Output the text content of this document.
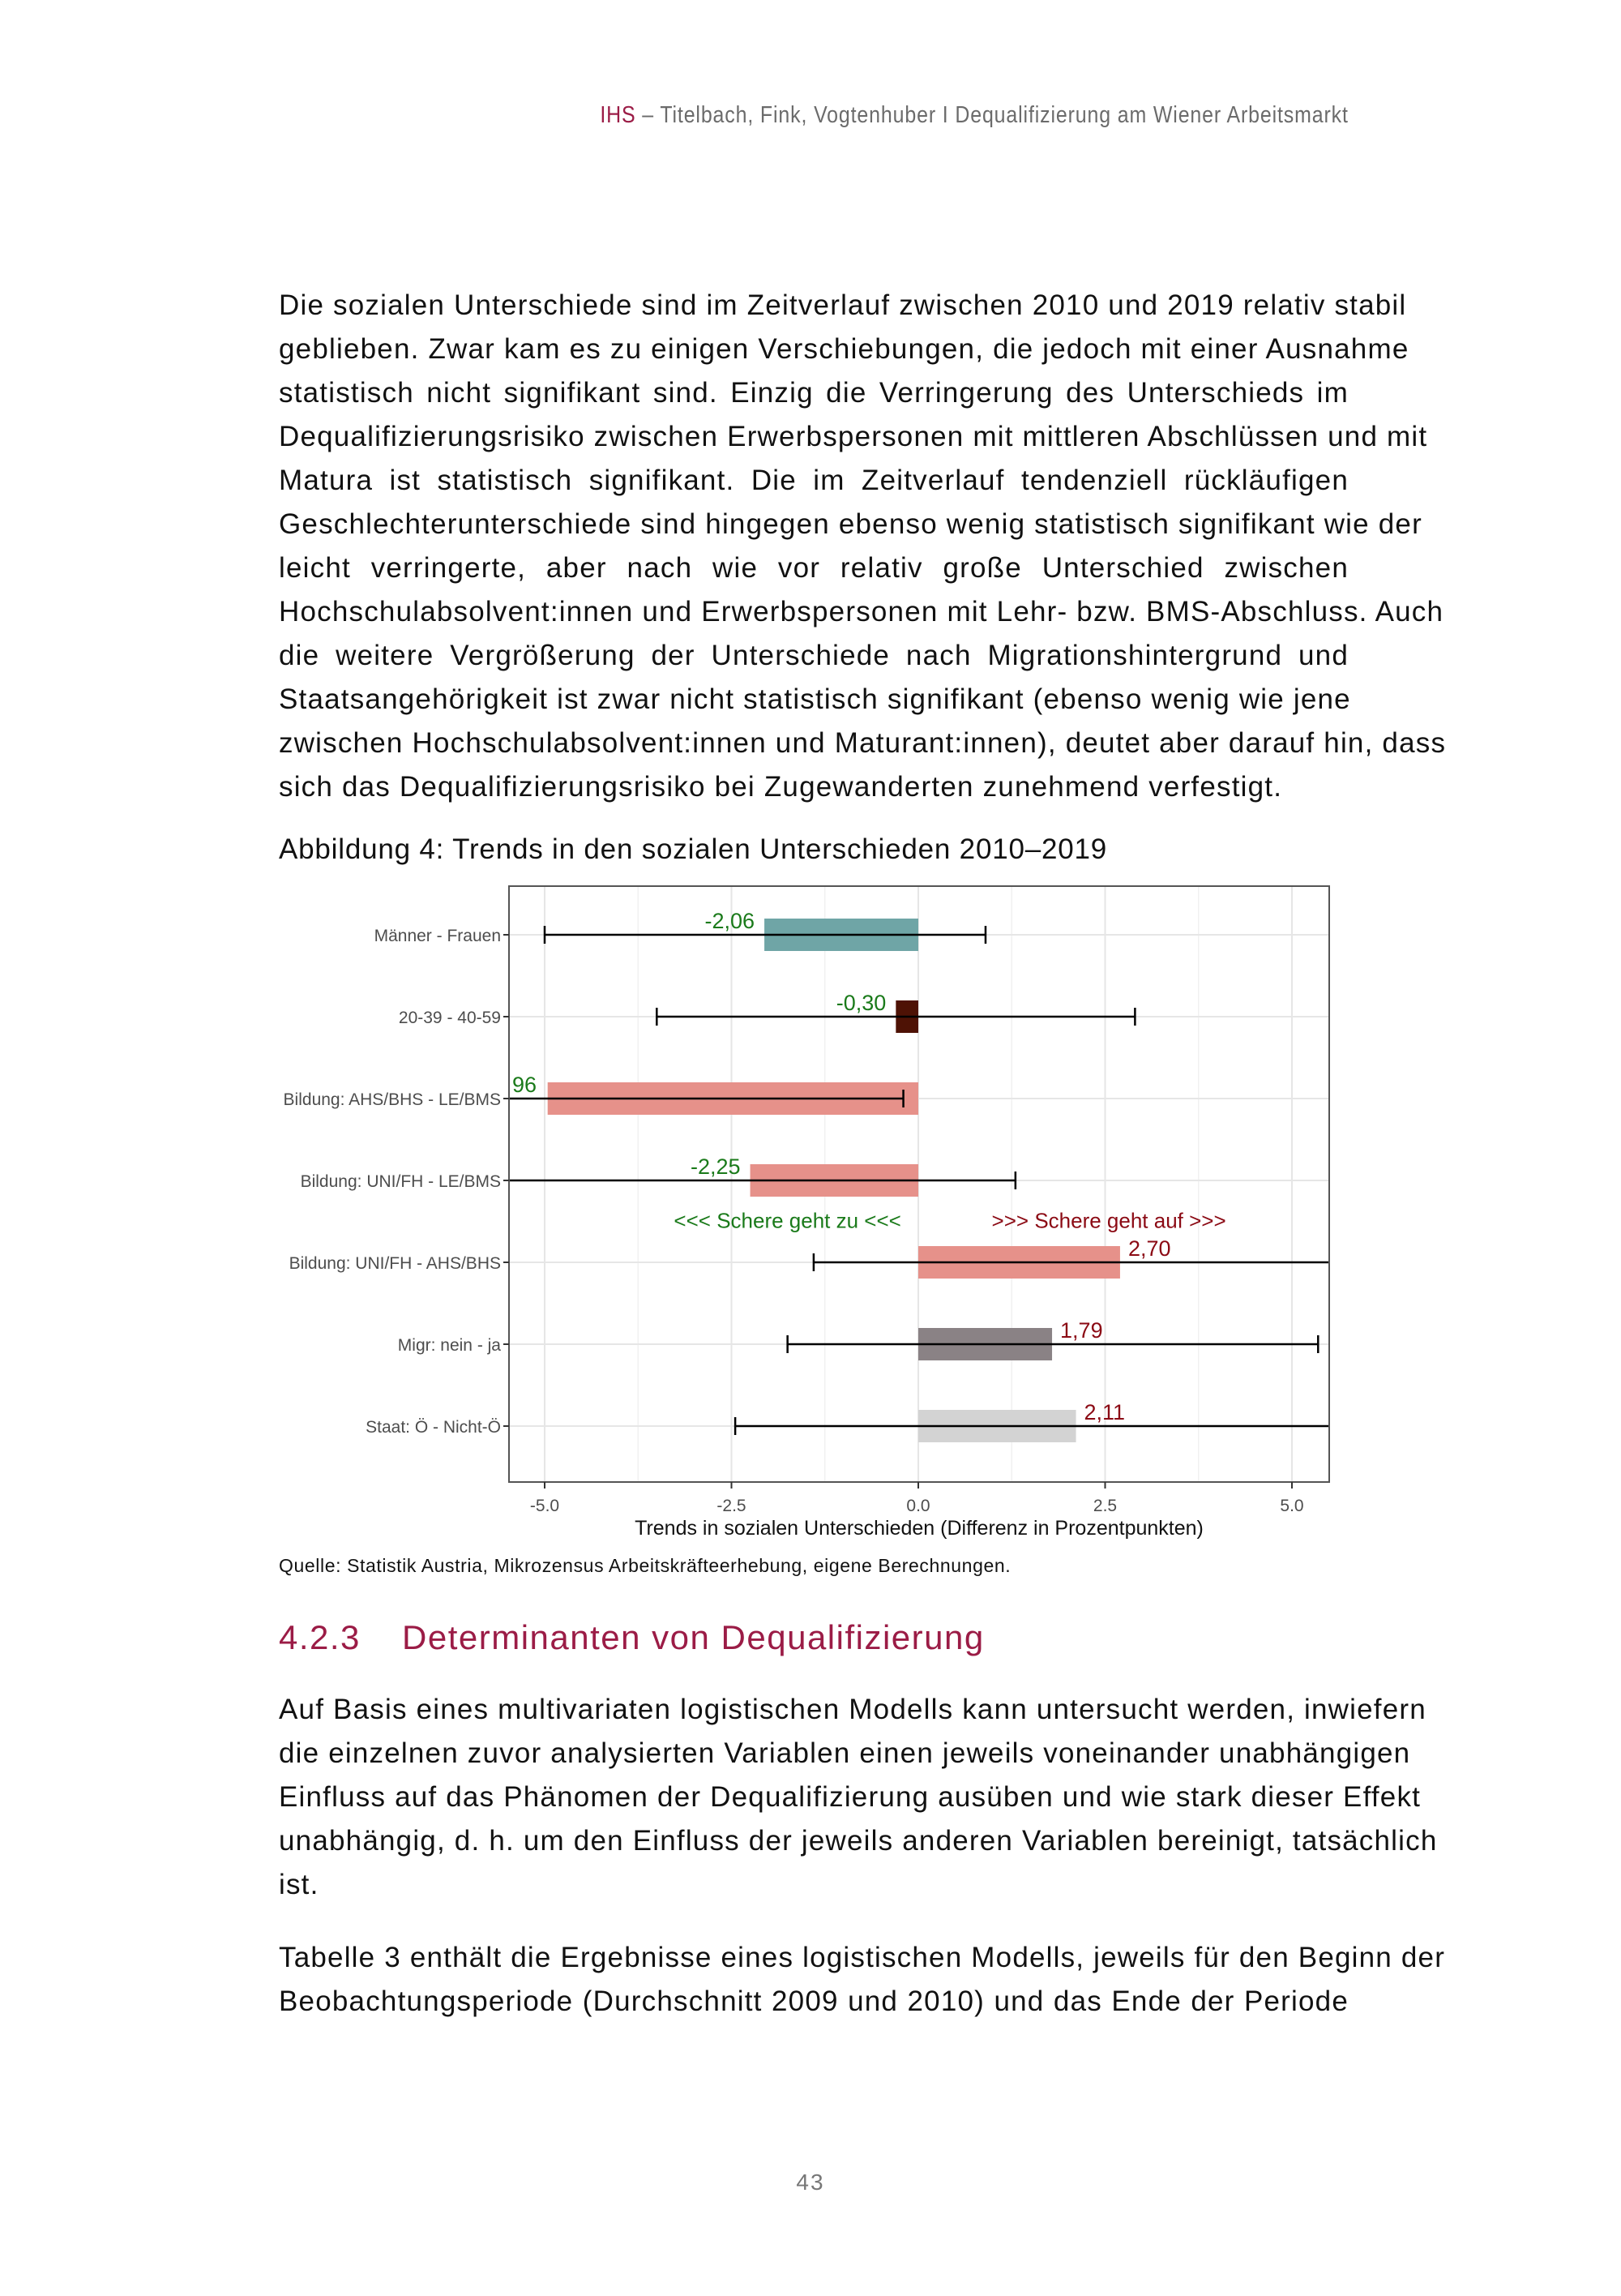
IHS – Titelbach, Fink, Vogtenhuber I Dequalifizierung am Wiener Arbeitsmarkt
Die sozialen Unterschiede sind im Zeitverlauf zwischen 2010 und 2019 relativ stabil
geblieben. Zwar kam es zu einigen Verschiebungen, die jedoch mit einer Ausnahme
statistisch nicht signifikant sind. Einzig die Verringerung des Unterschieds im
Dequalifizierungsrisiko zwischen Erwerbspersonen mit mittleren Abschlüssen und mit
Matura ist statistisch signifikant. Die im Zeitverlauf tendenziell rückläufigen
Geschlechterunterschiede sind hingegen ebenso wenig statistisch signifikant wie der
leicht verringerte, aber nach wie vor relativ große Unterschied zwischen
Hochschulabsolvent:innen und Erwerbspersonen mit Lehr- bzw. BMS-Abschluss. Auch
die weitere Vergrößerung der Unterschiede nach Migrationshintergrund und
Staatsangehörigkeit ist zwar nicht statistisch signifikant (ebenso wenig wie jene
zwischen Hochschulabsolvent:innen und Maturant:innen), deutet aber darauf hin, dass
sich das Dequalifizierungsrisiko bei Zugewanderten zunehmend verfestigt.
Abbildung 4: Trends in den sozialen Unterschieden 2010–2019
-2,06
-0,30
96
-2,25
2,70
1,79
2,11
<<< Schere geht zu <<<	>>> Schere geht auf >>>
Männer - Frauen
20-39 - 40-59
Bildung: AHS/BHS - LE/BMS
Bildung: UNI/FH - LE/BMS
Bildung: UNI/FH - AHS/BHS
Migr: nein - ja
Staat: Ö - Nicht-Ö
-5.0	-2.5	0.0	2.5	5.0
Trends in sozialen Unterschieden (Differenz in Prozentpunkten)
Quelle: Statistik Austria, Mikrozensus Arbeitskräfteerhebung, eigene Berechnungen.
4.2.3 Determinanten von Dequalifizierung
Auf Basis eines multivariaten logistischen Modells kann untersucht werden, inwiefern
die einzelnen zuvor analysierten Variablen einen jeweils voneinander unabhängigen
Einfluss auf das Phänomen der Dequalifizierung ausüben und wie stark dieser Effekt
unabhängig, d. h. um den Einfluss der jeweils anderen Variablen bereinigt, tatsächlich
ist.
Tabelle 3 enthält die Ergebnisse eines logistischen Modells, jeweils für den Beginn der
Beobachtungsperiode (Durchschnitt 2009 und 2010) und das Ende der Periode
43
